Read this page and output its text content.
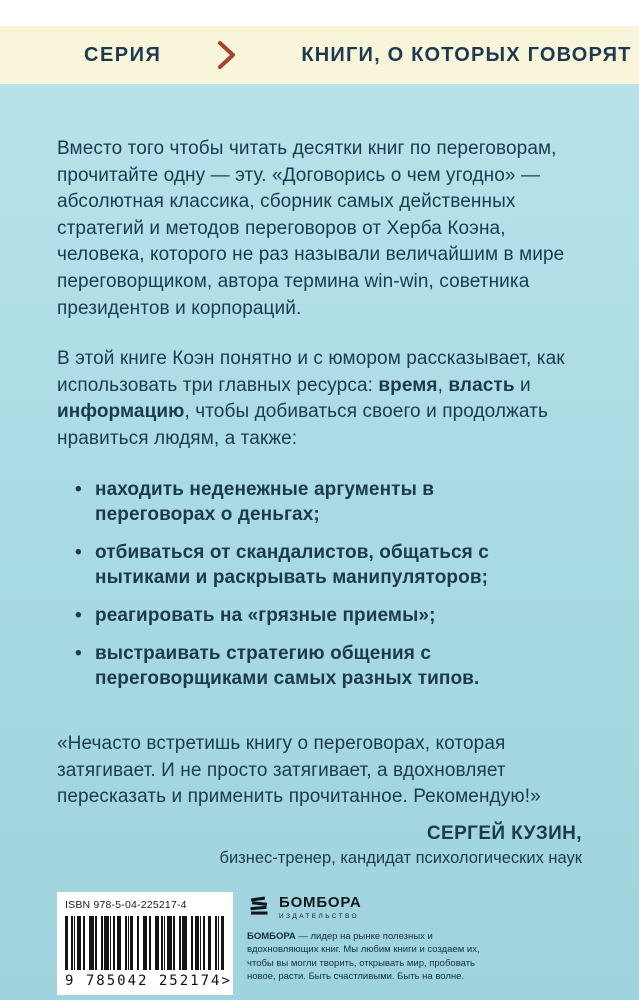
СЕРИЯ	КНИГИ, О КОТОРЫХ ГОВОРЯТ

Вместо того чтобы читать десятки книг по переговорам, прочитайте одну — эту. «Договорись о чем угодно» — абсолютная классика, сборник самых действенных стратегий и методов переговоров от Херба Коэна, человека, которого не раз называли величайшим в мире переговорщиком, автора термина win-win, советника президентов и корпораций.

В этой книге Коэн понятно и с юмором рассказывает, как использовать три главных ресурса: время, власть и информацию, чтобы добиваться своего и продолжать нравиться людям, а также:

• находить неденежные аргументы в переговорах о деньгах;
• отбиваться от скандалистов, общаться с нытиками и раскрывать манипуляторов;
• реагировать на «грязные приемы»;
• выстраивать стратегию общения с переговорщиками самых разных типов.

«Нечасто встретишь книгу о переговорах, которая затягивает. И не просто затягивает, а вдохновляет пересказать и применить прочитанное. Рекомендую!»

СЕРГЕЙ КУЗИН,
бизнес-тренер, кандидат психологических наук
ISBN 978-5-04-225217-4
9 785042 252174 >
БОМБОРА
ИЗДАТЕЛЬСТВО

БОМБОРА — лидер на рынке полезных и вдохновляющих книг. Мы любим книги и создаем их, чтобы вы могли творить, открывать мир, пробовать новое, расти. Быть счастливыми. Быть на волне.
